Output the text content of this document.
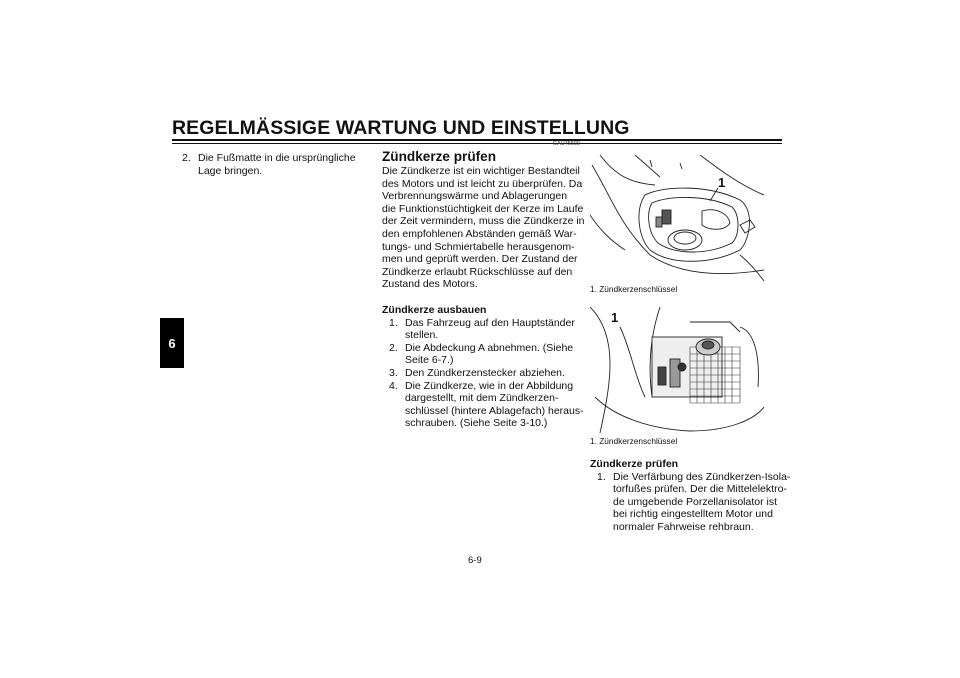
REGELMÄSSIGE WARTUNG UND EINSTELLUNG
6
2. Die Fußmatte in die ursprüngliche
Lage bringen.
GAU45590
Zündkerze prüfen
Die Zündkerze ist ein wichtiger Bestandteil
des Motors und ist leicht zu überprüfen. Da
Verbrennungswärme und Ablagerungen
die Funktionstüchtigkeit der Kerze im Laufe
der Zeit vermindern, muss die Zündkerze in
den empfohlenen Abständen gemäß War-
tungs- und Schmiertabelle herausgenom-
men und geprüft werden. Der Zustand der
Zündkerze erlaubt Rückschlüsse auf den
Zustand des Motors.
Zündkerze ausbauen
1. Das Fahrzeug auf den Hauptständer
stellen.
2. Die Abdeckung A abnehmen. (Siehe
Seite 6-7.)
3. Den Zündkerzenstecker abziehen.
4. Die Zündkerze, wie in der Abbildung
dargestellt, mit dem Zündkerzen-
schlüssel (hintere Ablagefach) heraus-
schrauben. (Siehe Seite 3-10.)
1
1. Zündkerzenschlüssel
1
1. Zündkerzenschlüssel
Zündkerze prüfen
1. Die Verfärbung des Zündkerzen-Isola-
torfußes prüfen. Der die Mittelelektro-
de umgebende Porzellanisolator ist
bei richtig eingestelltem Motor und
normaler Fahrweise rehbraun.
6-9
